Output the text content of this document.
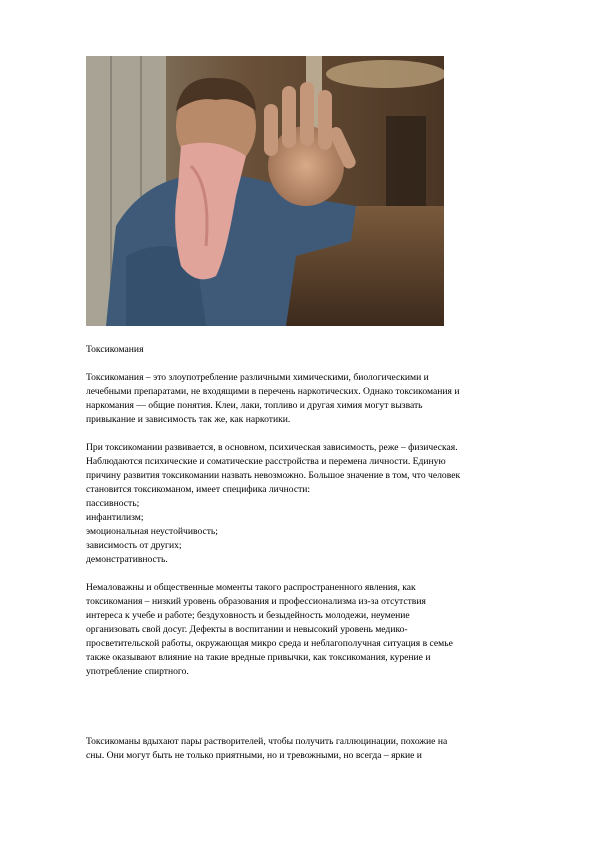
Токсикомания

Токсикомания – это злоупотребление различными химическими, биологическими и

лечебными препаратами, не входящими в перечень наркотических. Однако токсикомания и

наркомания — общие понятия. Клеи, лаки, топливо и другая химия могут вызвать

привыкание и зависимость так же, как наркотики.

При токсикомании развивается, в основном, психическая зависимость, реже – физическая.

Наблюдаются психические и соматические расстройства и перемена личности. Единую

причину развития токсикомании назвать невозможно. Большое значение в том, что человек

становится токсикоманом, имеет специфика личности:

пассивность;

инфантилизм;

эмоциональная неустойчивость;

зависимость от других;

демонстративность.

Немаловажны и общественные моменты такого распространенного явления, как

токсикомания – низкий уровень образования и профессионализма из-за отсутствия

интереса к учебе и работе; бездуховность и безыдейность молодежи, неумение

организовать свой досуг. Дефекты в воспитании и невысокий уровень медико-

просветительской работы, окружающая микро среда и неблагополучная ситуация в семье

также оказывают влияние на такие вредные привычки, как токсикомания, курение и

употребление спиртного.

Токсикоманы вдыхают пары растворителей, чтобы получить галлюцинации, похожие на

сны. Они могут быть не только приятными, но и тревожными, но всегда – яркие и
